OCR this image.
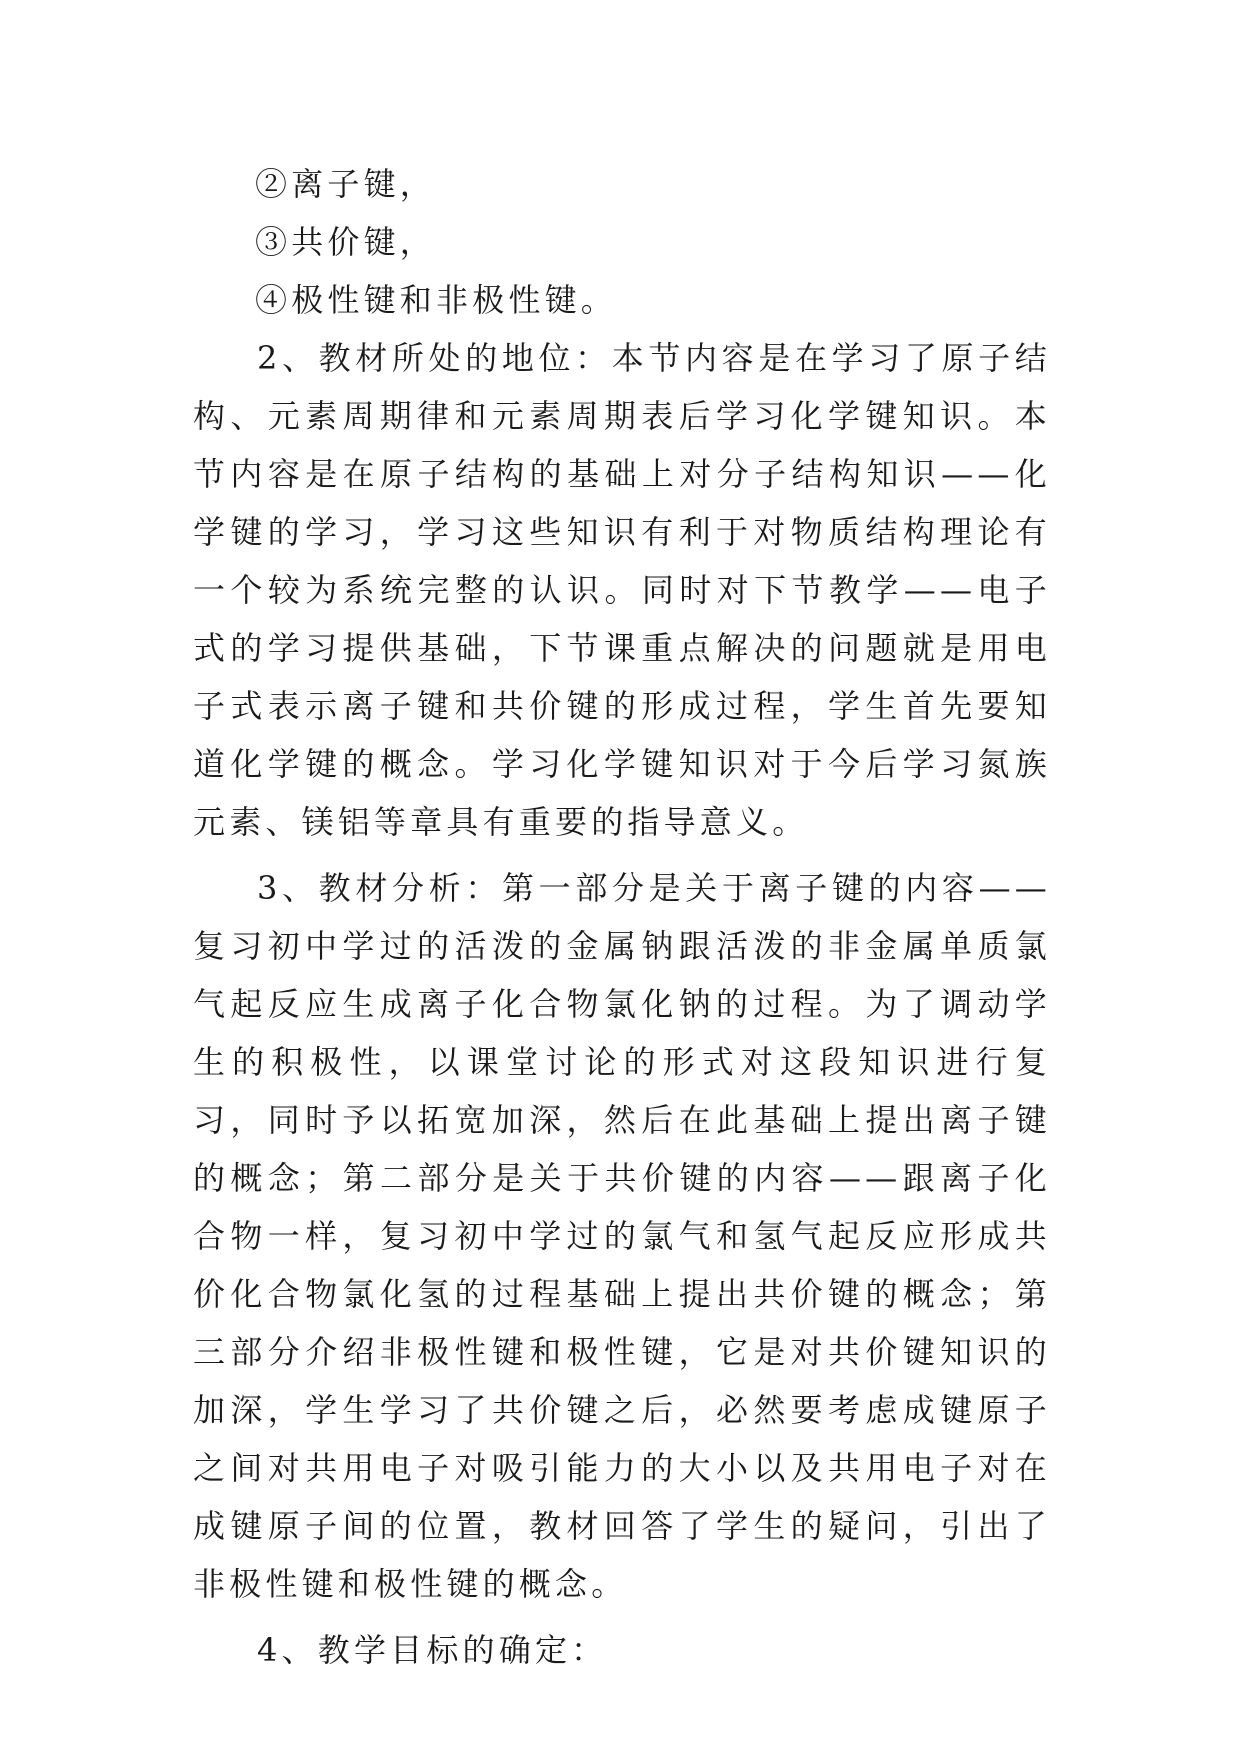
②离子键，

③共价键，

④极性键和非极性键。

2、教材所处的地位：本节内容是在学习了原子结构、元素周期律和元素周期表后学习化学键知识。本节内容是在原子结构的基础上对分子结构知识——化学键的学习，学习这些知识有利于对物质结构理论有一个较为系统完整的认识。同时对下节教学——电子式的学习提供基础，下节课重点解决的问题就是用电子式表示离子键和共价键的形成过程，学生首先要知道化学键的概念。学习化学键知识对于今后学习氮族元素、镁铝等章具有重要的指导意义。

3、教材分析：第一部分是关于离子键的内容——复习初中学过的活泼的金属钠跟活泼的非金属单质氯气起反应生成离子化合物氯化钠的过程。为了调动学生的积极性，以课堂讨论的形式对这段知识进行复习，同时予以拓宽加深，然后在此基础上提出离子键的概念；第二部分是关于共价键的内容——跟离子化合物一样，复习初中学过的氯气和氢气起反应形成共价化合物氯化氢的过程基础上提出共价键的概念；第三部分介绍非极性键和极性键，它是对共价键知识的加深，学生学习了共价键之后，必然要考虑成键原子之间对共用电子对吸引能力的大小以及共用电子对在成键原子间的位置，教材回答了学生的疑问，引出了非极性键和极性键的概念。

4、教学目标的确定：
